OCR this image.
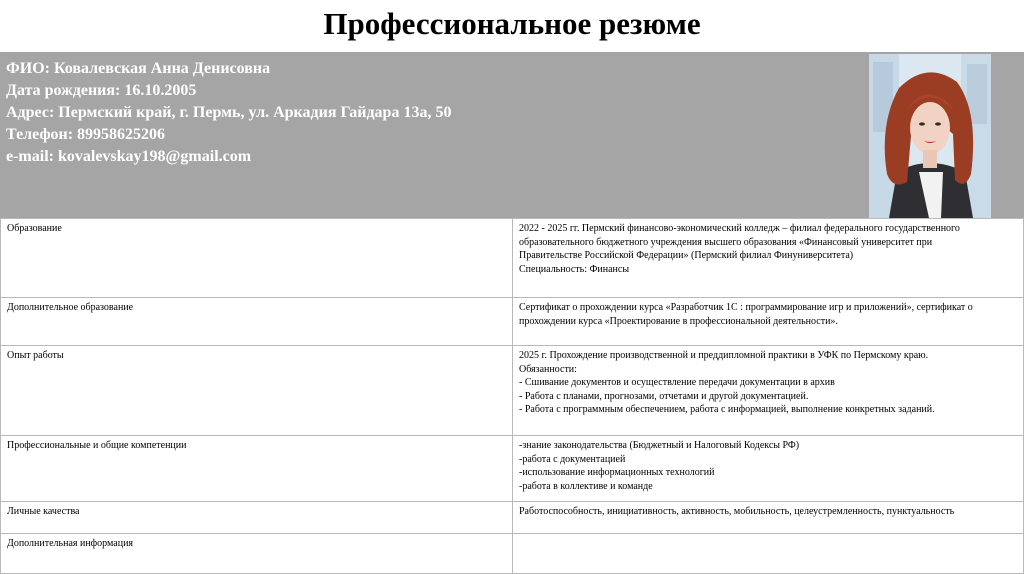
Профессиональное резюме
ФИО: Ковалевская Анна Денисовна
Дата рождения: 16.10.2005
Адрес: Пермский край, г. Пермь, ул. Аркадия Гайдара 13а, 50
Телефон: 89958625206
e-mail: kovalevskay198@gmail.com
Образование	2022 - 2025 гг. Пермский финансово-экономический колледж – филиал федерального государственного
образовательного бюджетного учреждения высшего образования «Финансовый университет при
Правительстве Российской Федерации» (Пермский филиал Финуниверситета)
Специальность: Финансы

Дополнительное образование	Сертификат о прохождении курса «Разработчик 1С : программирование игр и приложений», сертификат о
прохождении курса «Проектирование в профессиональной деятельности».

Опыт работы	2025 г. Прохождение производственной и преддипломной практики в УФК по Пермскому краю.
Обязанности:
- Сшивание документов и осуществление передачи документации в архив
- Работа с планами, прогнозами, отчетами и другой документацией.
- Работа с программным обеспечением, работа с информацией, выполнение конкретных заданий.

Профессиональные и общие компетенции	-знание законодательства (Бюджетный и Налоговый Кодексы РФ)
-работа с документацией
-использование информационных технологий
-работа в коллективе и команде

Личные качества	Работоспособность, инициативность, активность, мобильность, целеустремленность, пунктуальность

Дополнительная информация	
